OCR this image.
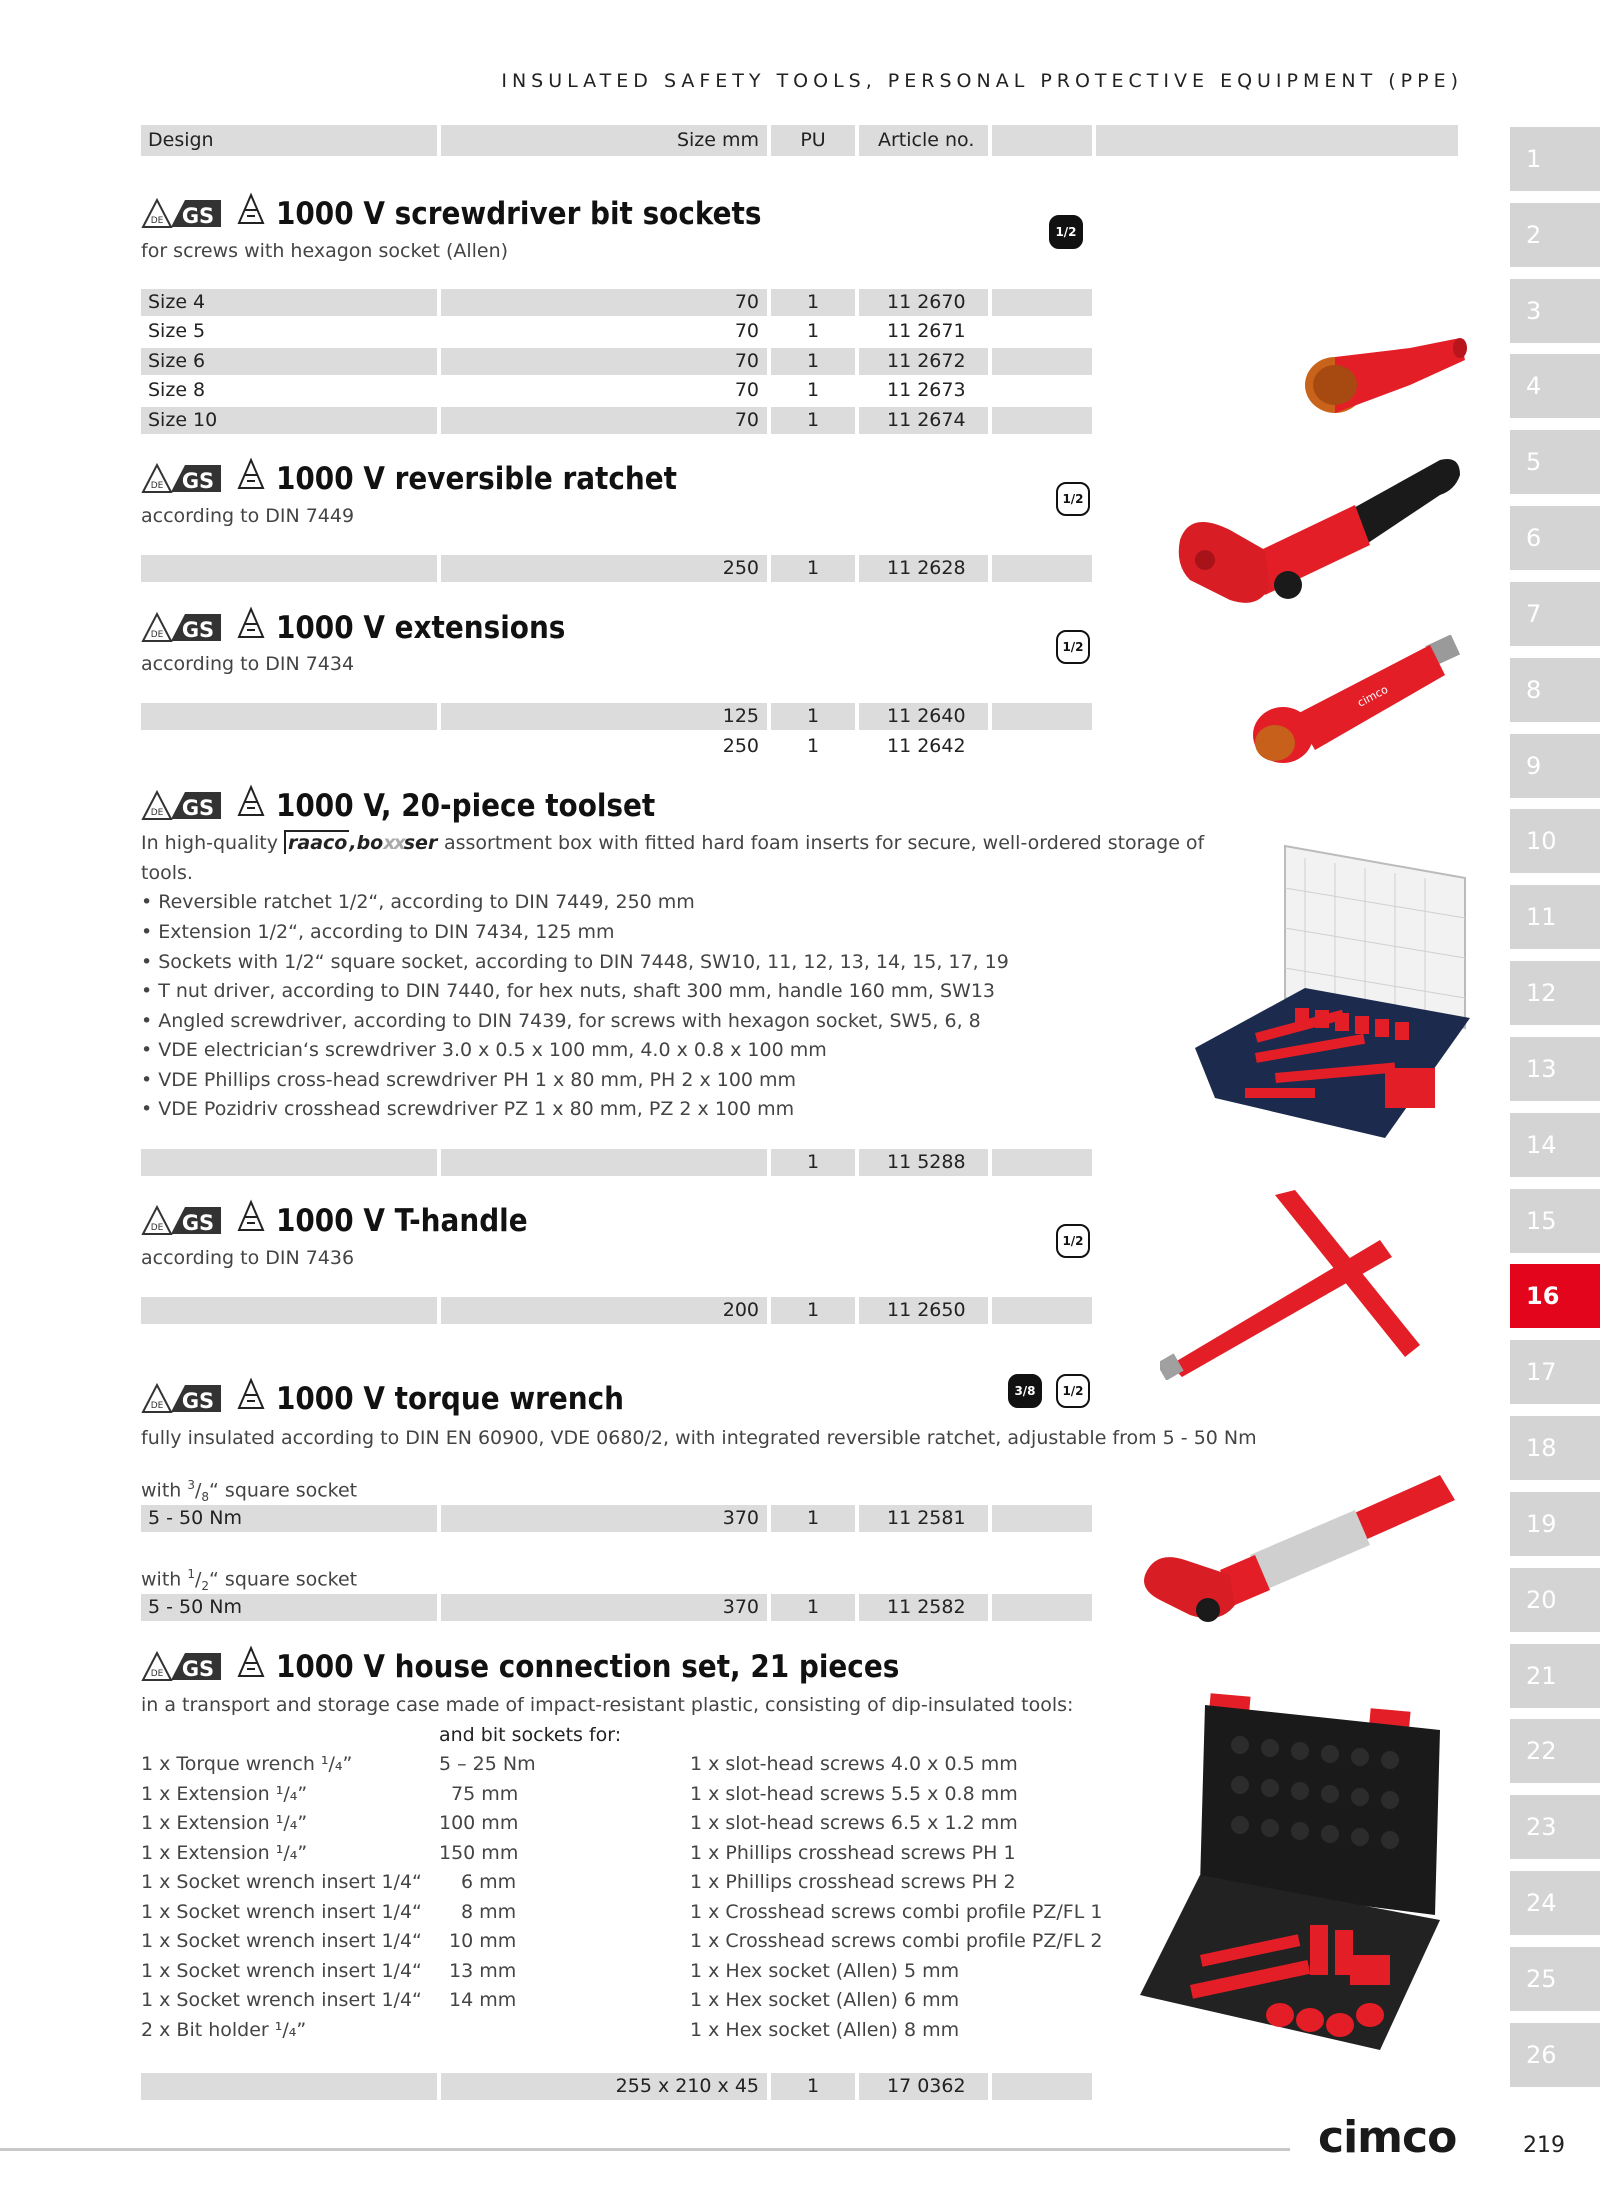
INSULATED SAFETY TOOLS, PERSONAL PROTECTIVE EQUIPMENT (PPE)
Design	Size mm	PU	Article no.
DE GS 1000 V screwdriver bit sockets
for screws with hexagon socket (Allen)
1/2
Size 4	70	1	11 2670
Size 5	70	1	11 2671
Size 6	70	1	11 2672
Size 8	70	1	11 2673
Size 10	70	1	11 2674
DE GS 1000 V reversible ratchet
according to DIN 7449
1/2
250	1	11 2628
DE GS 1000 V extensions
according to DIN 7434
1/2
125	1	11 2640
250	1	11 2642
DE GS 1000 V, 20-piece toolset
In high-quality raaco ,boxxser assortment box with fitted hard foam inserts for secure, well-ordered storage of
tools.
• Reversible ratchet 1/2“, according to DIN 7449, 250 mm
• Extension 1/2“, according to DIN 7434, 125 mm
• Sockets with 1/2“ square socket, according to DIN 7448, SW10, 11, 12, 13, 14, 15, 17, 19
• T nut driver, according to DIN 7440, for hex nuts, shaft 300 mm, handle 160 mm, SW13
• Angled screwdriver, according to DIN 7439, for screws with hexagon socket, SW5, 6, 8
• VDE electrician‘s screwdriver 3.0 x 0.5 x 100 mm, 4.0 x 0.8 x 100 mm
• VDE Phillips cross-head screwdriver PH 1 x 80 mm, PH 2 x 100 mm
• VDE Pozidriv crosshead screwdriver PZ 1 x 80 mm, PZ 2 x 100 mm
1	11 5288
DE GS 1000 V T-handle
according to DIN 7436
1/2
200	1	11 2650
DE GS 1000 V torque wrench
fully insulated according to DIN EN 60900, VDE 0680/2, with integrated reversible ratchet, adjustable from 5 - 50 Nm
3/8	1/2
with $^3/_8“$ square socket
5 - 50 Nm	370	1	11 2581
with $^1/_2“$ square socket
5 - 50 Nm	370	1	11 2582
DE GS 1000 V house connection set, 21 pieces
in a transport and storage case made of impact-resistant plastic, consisting of dip-insulated tools:
and bit sockets for:
1 x Torque wrench ¹/₄”	5 – 25 Nm	1 x slot-head screws 4.0 x 0.5 mm
1 x Extension ¹/₄”	75 mm	1 x slot-head screws 5.5 x 0.8 mm
1 x Extension ¹/₄”	100 mm	1 x slot-head screws 6.5 x 1.2 mm
1 x Extension ¹/₄”	150 mm	1 x Phillips crosshead screws PH 1
1 x Socket wrench insert 1/4“ 6 mm	1 x Phillips crosshead screws PH 2
1 x Socket wrench insert 1/4“ 8 mm	1 x Crosshead screws combi profile PZ/FL 1
1 x Socket wrench insert 1/4“ 10 mm	1 x Crosshead screws combi profile PZ/FL 2
1 x Socket wrench insert 1/4“ 13 mm	1 x Hex socket (Allen) 5 mm
1 x Socket wrench insert 1/4“ 14 mm	1 x Hex socket (Allen) 6 mm
2 x Bit holder ¹/₄”	1 x Hex socket (Allen) 8 mm
255 x 210 x 45	1	17 0362
cimco
1
2
3
4
5
6
7
8
9
10
11
12
13
14
15
16
17
18
19
20
21
22
23
24
25
26
cimco	219
